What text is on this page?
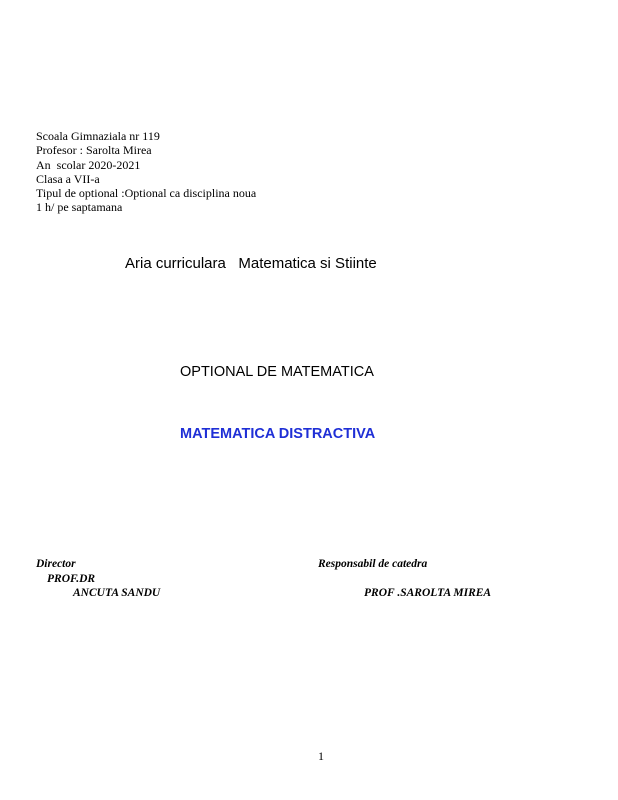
Scoala Gimnaziala nr 119
Profesor : Sarolta Mirea
An  scolar 2020-2021
Clasa a VII-a
Tipul de optional :Optional ca disciplina noua
1 h/ pe saptamana
Aria curriculara   Matematica si Stiinte
OPTIONAL DE MATEMATICA
MATEMATICA DISTRACTIVA
Director
PROF.DR
ANCUTA SANDU
Responsabil de catedra
PROF .SAROLTA MIREA
1
